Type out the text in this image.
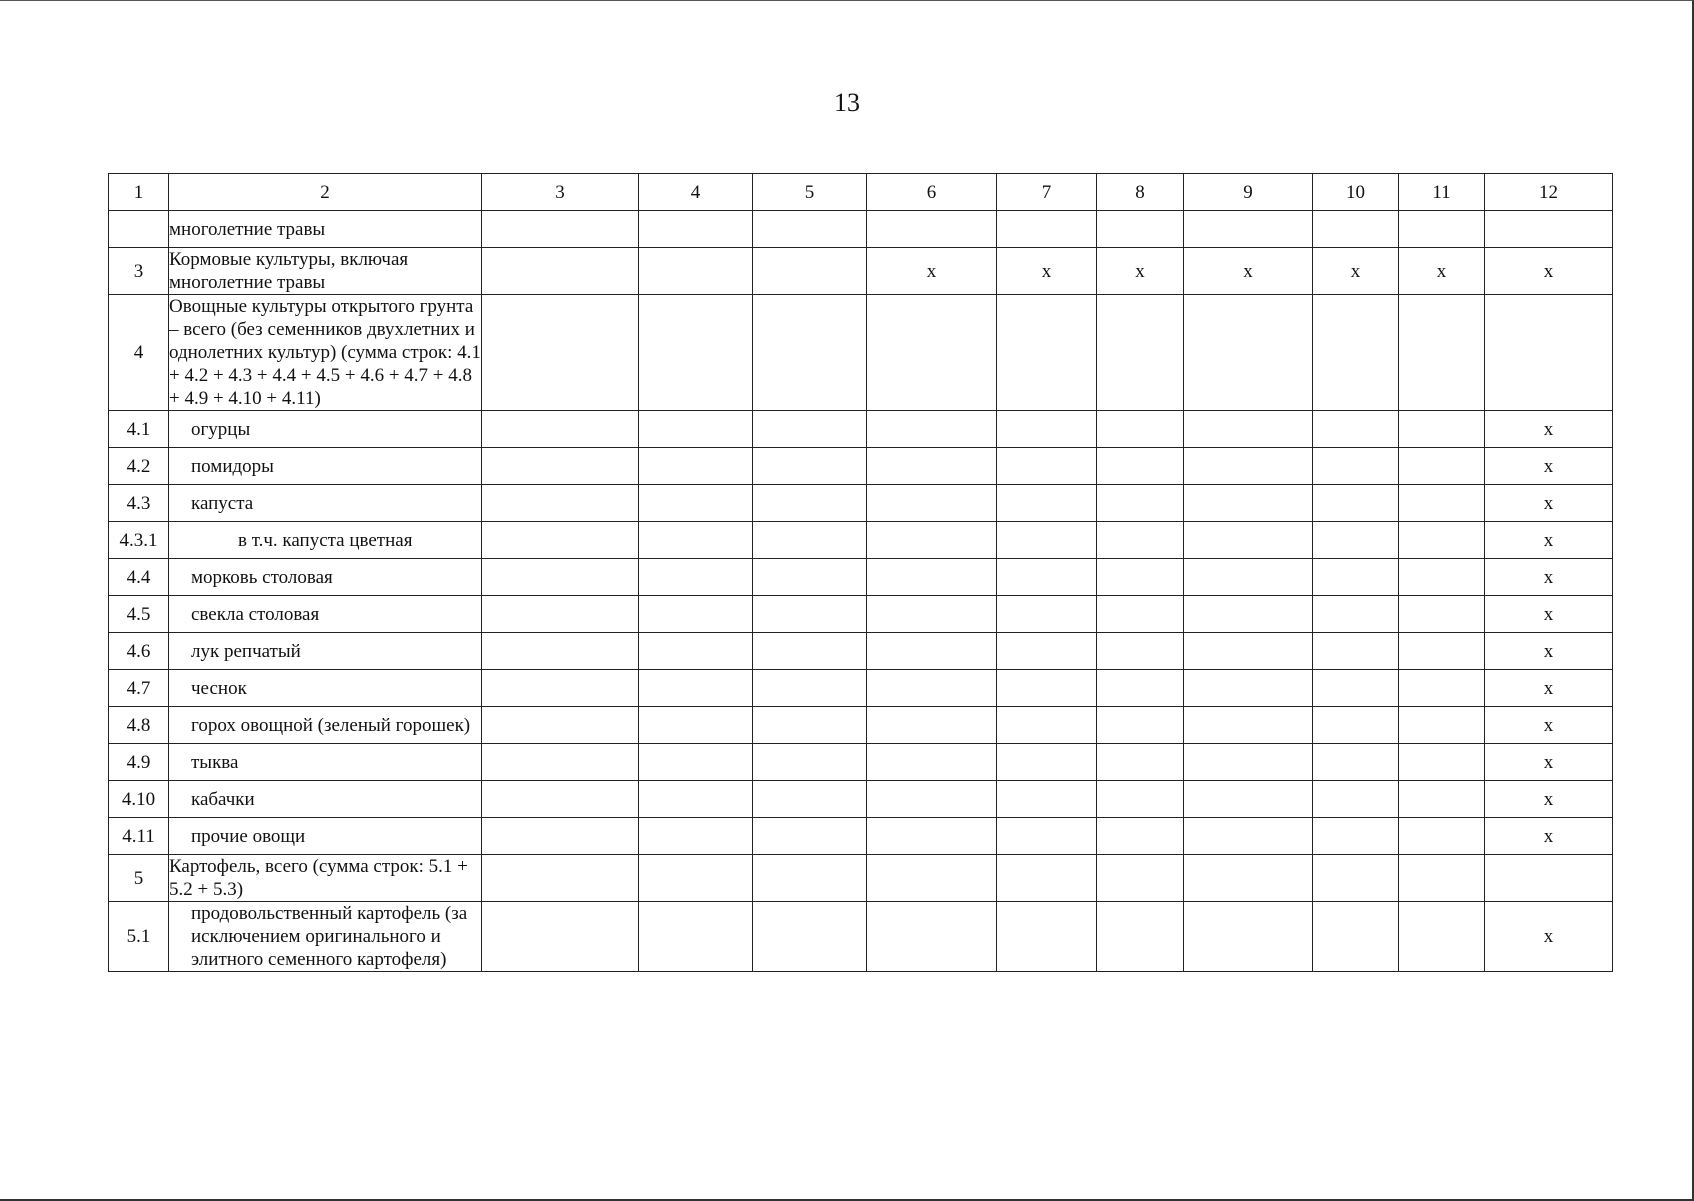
13
1	2	3	4	5	6	7	8	9	10	11	12
	многолетние травы										
3	Кормовые культуры, включая многолетние травы				x	x	x	x	x	x	x
4	Овощные культуры открытого грунта – всего (без семенников двухлетних и однолетних культур) (сумма строк: 4.1 + 4.2 + 4.3 + 4.4 + 4.5 + 4.6 + 4.7 + 4.8 + 4.9 + 4.10 + 4.11)										
4.1	огурцы										x
4.2	помидоры										x
4.3	капуста										x
4.3.1	в т.ч. капуста цветная										x
4.4	морковь столовая										x
4.5	свекла столовая										x
4.6	лук репчатый										x
4.7	чеснок										x
4.8	горох овощной (зеленый горошек)										x
4.9	тыква										x
4.10	кабачки										x
4.11	прочие овощи										x
5	Картофель, всего (сумма строк: 5.1 + 5.2 + 5.3)										
5.1	продовольственный картофель (за исключением оригинального и элитного семенного картофеля)										x
